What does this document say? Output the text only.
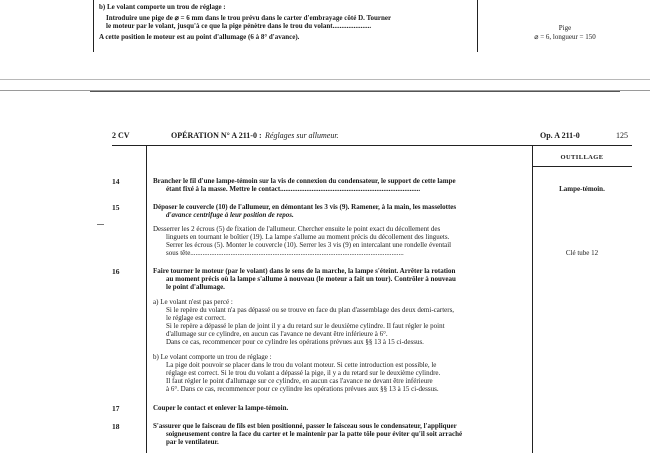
b) Le volant comporte un trou de réglage :
Introduire une pige de ⌀ = 6 mm dans le trou prévu dans le carter d'embrayage côté D. Tourner
le moteur par le volant, jusqu'à ce que la pige pénètre dans le trou du volant......................
A cette position le moteur est au point d'allumage (6 à 8° d'avance).
Pige
⌀ = 6, longueur = 150
2 CV	OPÉRATION N° A 211-0 : Réglages sur allumeur.	Op. A 211-0	125
OUTILLAGE
14	Brancher le fil d'une lampe-témoin sur la vis de connexion du condensateur, le support de cette lampe
étant fixé à la masse. Mettre le contact................................................................................	Lampe-témoin.
15	Déposer le couvercle (10) de l'allumeur, en démontant les 3 vis (9). Ramener, à la main, les masselottes
d'avance centrifuge à leur position de repos.
Desserrer les 2 écrous (5) de fixation de l'allumeur. Chercher ensuite le point exact du décollement des
linguets en tournant le boîtier (19). La lampe s'allume au moment précis du décollement des linguets.
Serrer les écrous (5). Monter le couvercle (10). Serrer les 3 vis (9) en intercalant une rondelle éventail
sous tête..........................................................................................................................	Clé tube 12
16	Faire tourner le moteur (par le volant) dans le sens de la marche, la lampe s'éteint. Arrêter la rotation
au moment précis où la lampe s'allume à nouveau (le moteur a fait un tour). Contrôler à nouveau
le point d'allumage.
a) Le volant n'est pas percé :
Si le repère du volant n'a pas dépassé ou se trouve en face du plan d'assemblage des deux demi-carters,
le réglage est correct.
Si le repère a dépassé le plan de joint il y a du retard sur le deuxième cylindre. Il faut régler le point
d'allumage sur ce cylindre, en aucun cas l'avance ne devant être inférieure à 6°.
Dans ce cas, recommencer pour ce cylindre les opérations prévues aux §§ 13 à 15 ci-dessus.
b) Le volant comporte un trou de réglage :
La pige doit pouvoir se placer dans le trou du volant moteur. Si cette introduction est possible, le
réglage est correct. Si le trou du volant a dépassé la pige, il y a du retard sur le deuxième cylindre.
Il faut régler le point d'allumage sur ce cylindre, en aucun cas l'avance ne devant être inférieure
à 6°. Dans ce cas, recommencer pour ce cylindre les opérations prévues aux §§ 13 à 15 ci-dessus.
17	Couper le contact et enlever la lampe-témoin.
18	S'assurer que le faisceau de fils est bien positionné, passer le faisceau sous le condensateur, l'appliquer
soigneusement contre la face du carter et le maintenir par la patte tôle pour éviter qu'il soit arraché
par le ventilateur.
